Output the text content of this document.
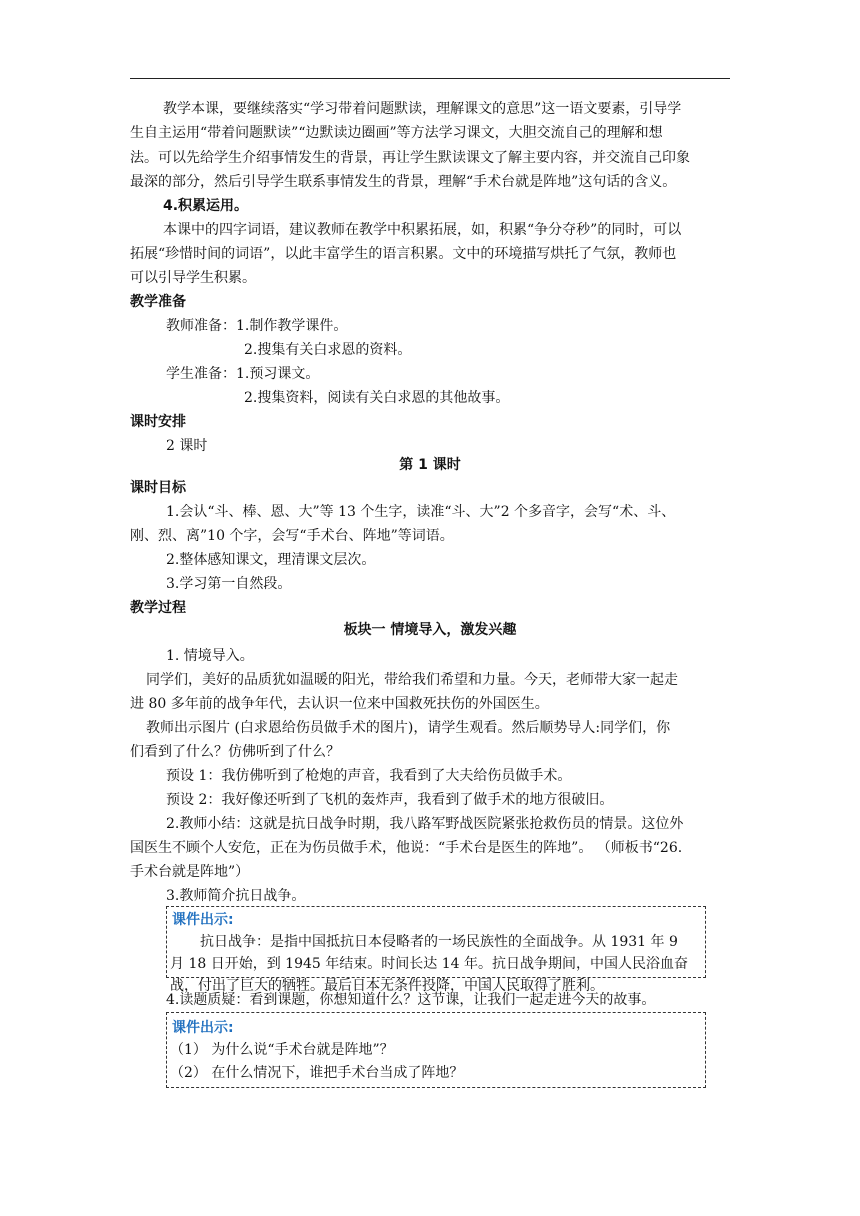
教学本课，要继续落实“学习带着问题默读，理解课文的意思”这一语文要素，引导学
生自主运用“带着问题默读”“边默读边圈画”等方法学习课文，大胆交流自己的理解和想
法。可以先给学生介绍事情发生的背景，再让学生默读课文了解主要内容，并交流自己印象
最深的部分，然后引导学生联系事情发生的背景，理解“手术台就是阵地”这句话的含义。
4.积累运用。
本课中的四字词语，建议教师在教学中积累拓展，如，积累“争分夺秒”的同时，可以
拓展“珍惜时间的词语”，以此丰富学生的语言积累。文中的环境描写烘托了气氛，教师也
可以引导学生积累。
教学准备
教师准备：1.制作教学课件。
2.搜集有关白求恩的资料。
学生准备：1.预习课文。
2.搜集资料，阅读有关白求恩的其他故事。
课时安排
2 课时
第 1 课时
课时目标
1.会认“斗、棒、恩、大”等 13 个生字，读准“斗、大”2 个多音字，会写“术、斗、
刚、烈、离”10 个字，会写“手术台、阵地”等词语。
2.整体感知课文，理清课文层次。
3.学习第一自然段。
教学过程
板块一 情境导入，激发兴趣
1. 情境导入。
同学们，美好的品质犹如温暖的阳光，带给我们希望和力量。今天，老师带大家一起走
进 80 多年前的战争年代，去认识一位来中国救死扶伤的外国医生。
教师出示图片 (白求恩给伤员做手术的图片)，请学生观看。然后顺势导人:同学们，你
们看到了什么？仿佛听到了什么？
预设 1：我仿佛听到了枪炮的声音，我看到了大夫给伤员做手术。
预设 2：我好像还听到了飞机的轰炸声，我看到了做手术的地方很破旧。
2.教师小结：这就是抗日战争时期，我八路军野战医院紧张抢救伤员的情景。这位外
国医生不顾个人安危，正在为伤员做手术，他说：“手术台是医生的阵地”。 （师板书“26.
手术台就是阵地”）
3.教师简介抗日战争。
课件出示:
抗日战争：是指中国抵抗日本侵略者的一场民族性的全面战争。从 1931 年 9
月 18 日开始，到 1945 年结束。时间长达 14 年。抗日战争期间，中国人民浴血奋
战，付出了巨大的牺牲。最后日本无条件投降，中国人民取得了胜利。
4.读题质疑：看到课题，你想知道什么？这节课，让我们一起走进今天的故事。
课件出示:
（1） 为什么说“手术台就是阵地”？
（2） 在什么情况下，谁把手术台当成了阵地？
